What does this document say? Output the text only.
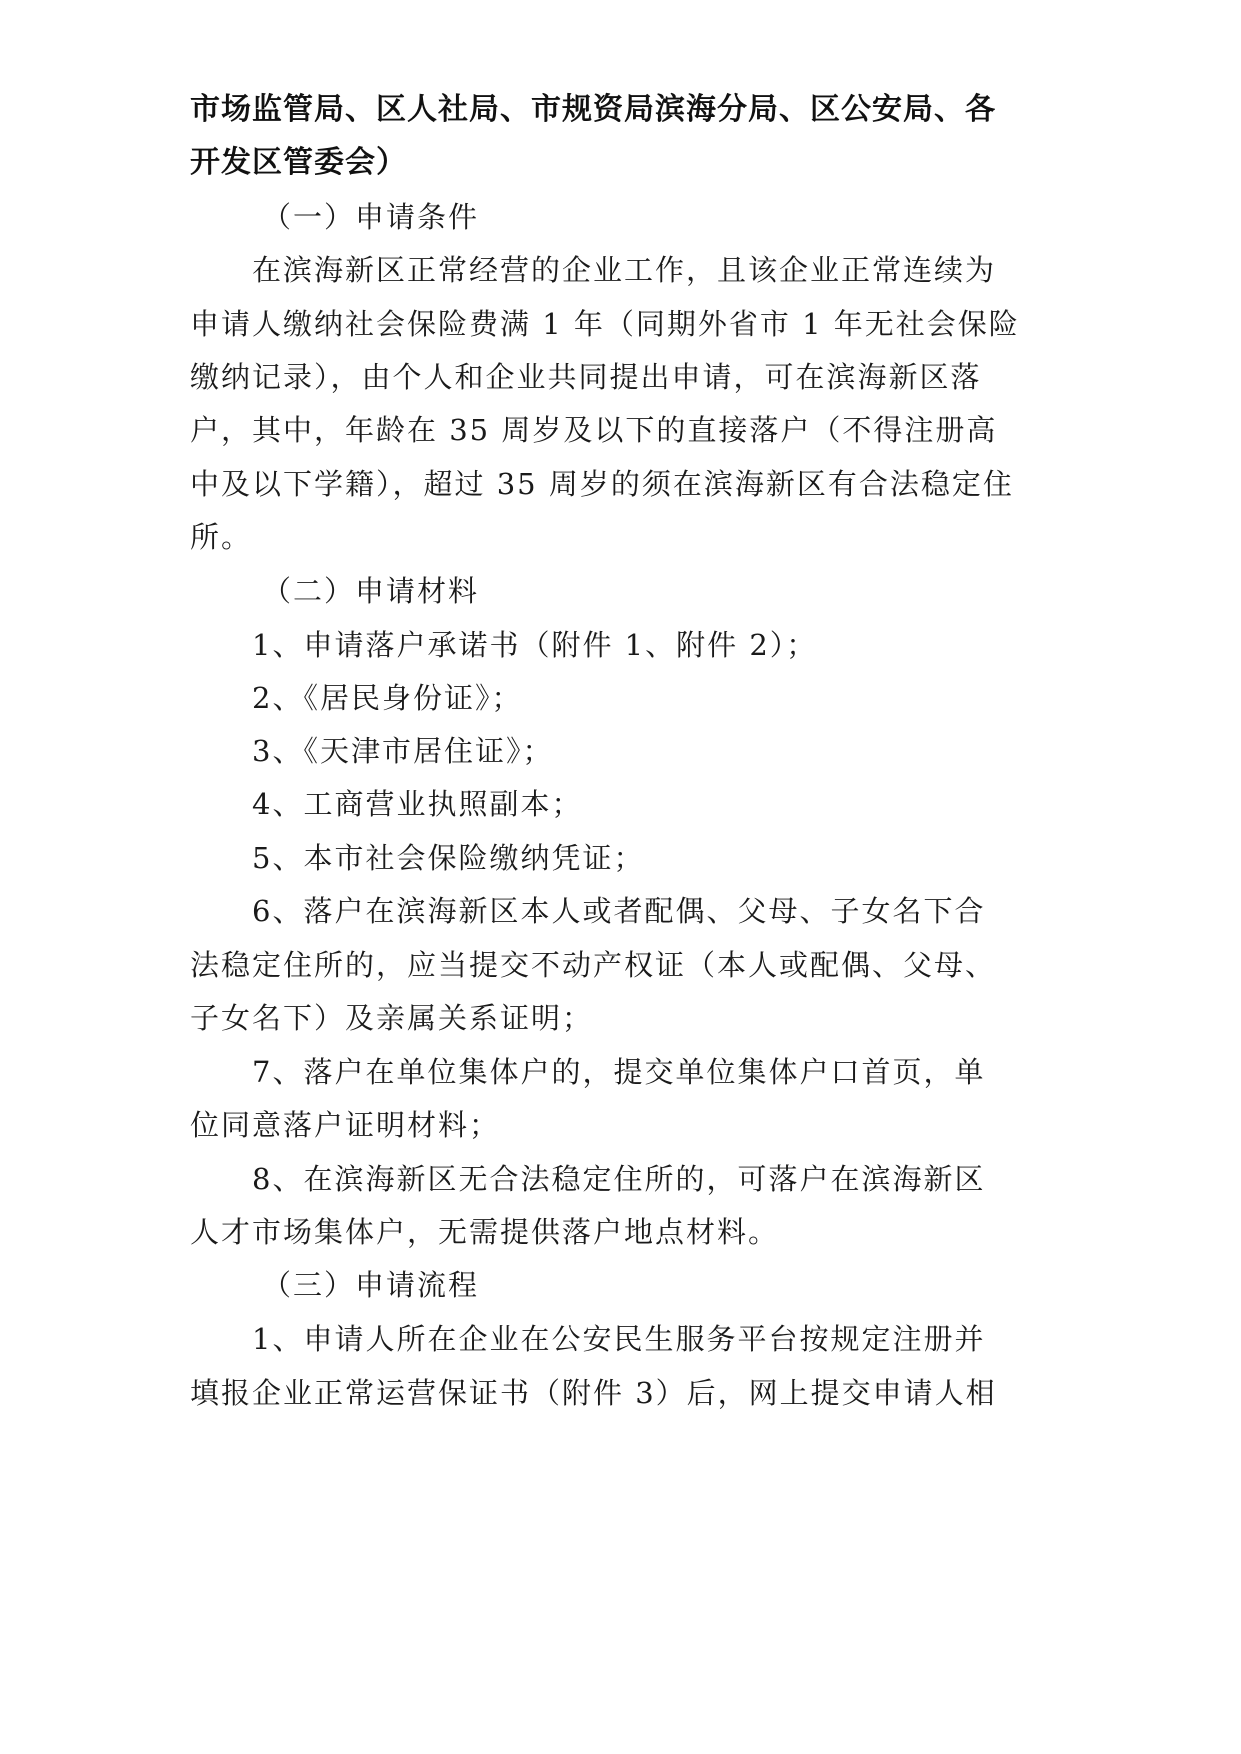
市场监管局、区人社局、市规资局滨海分局、区公安局、各
开发区管委会）
（一）申请条件
在滨海新区正常经营的企业工作，且该企业正常连续为
申请人缴纳社会保险费满 1 年（同期外省市 1 年无社会保险
缴纳记录），由个人和企业共同提出申请，可在滨海新区落
户，其中，年龄在 35 周岁及以下的直接落户（不得注册高
中及以下学籍），超过 35 周岁的须在滨海新区有合法稳定住
所。
（二）申请材料
1、申请落户承诺书（附件 1、附件 2）；
2、《居民身份证》；
3、《天津市居住证》；
4、工商营业执照副本；
5、本市社会保险缴纳凭证；
6、落户在滨海新区本人或者配偶、父母、子女名下合
法稳定住所的，应当提交不动产权证（本人或配偶、父母、
子女名下）及亲属关系证明；
7、落户在单位集体户的，提交单位集体户口首页，单
位同意落户证明材料；
8、在滨海新区无合法稳定住所的，可落户在滨海新区
人才市场集体户，无需提供落户地点材料。
（三）申请流程
1、申请人所在企业在公安民生服务平台按规定注册并
填报企业正常运营保证书（附件 3）后，网上提交申请人相
